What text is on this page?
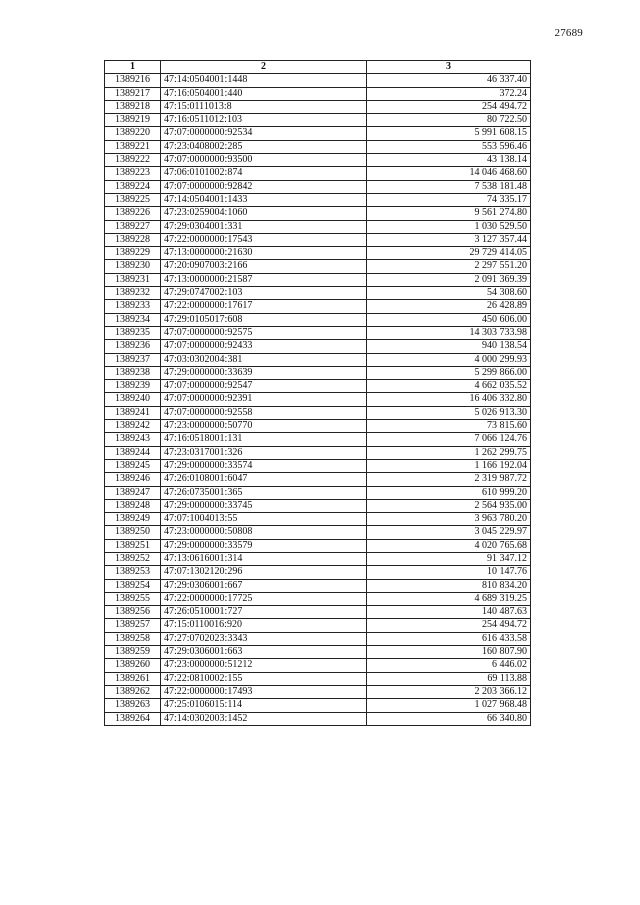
27689
1	2	3
1389216	47:14:0504001:1448	46 337.40
1389217	47:16:0504001:440	372.24
1389218	47:15:0111013:8	254 494.72
1389219	47:16:0511012:103	80 722.50
1389220	47:07:0000000:92534	5 991 608.15
1389221	47:23:0408002:285	553 596.46
1389222	47:07:0000000:93500	43 138.14
1389223	47:06:0101002:874	14 046 468.60
1389224	47:07:0000000:92842	7 538 181.48
1389225	47:14:0504001:1433	74 335.17
1389226	47:23:0259004:1060	9 561 274.80
1389227	47:29:0304001:331	1 030 529.50
1389228	47:22:0000000:17543	3 127 357.44
1389229	47:13:0000000:21630	29 729 414.05
1389230	47:20:0907003:2166	2 297 551.20
1389231	47:13:0000000:21587	2 091 369.39
1389232	47:29:0747002:103	54 308.60
1389233	47:22:0000000:17617	26 428.89
1389234	47:29:0105017:608	450 606.00
1389235	47:07:0000000:92575	14 303 733.98
1389236	47:07:0000000:92433	940 138.54
1389237	47:03:0302004:381	4 000 299.93
1389238	47:29:0000000:33639	5 299 866.00
1389239	47:07:0000000:92547	4 662 035.52
1389240	47:07:0000000:92391	16 406 332.80
1389241	47:07:0000000:92558	5 026 913.30
1389242	47:23:0000000:50770	73 815.60
1389243	47:16:0518001:131	7 066 124.76
1389244	47:23:0317001:326	1 262 299.75
1389245	47:29:0000000:33574	1 166 192.04
1389246	47:26:0108001:6047	2 319 987.72
1389247	47:26:0735001:365	610 999.20
1389248	47:29:0000000:33745	2 564 935.00
1389249	47:07:1004013:55	3 963 780.20
1389250	47:23:0000000:50808	3 045 229.97
1389251	47:29:0000000:33579	4 020 765.68
1389252	47:13:0616001:314	91 347.12
1389253	47:07:1302120:296	10 147.76
1389254	47:29:0306001:667	810 834.20
1389255	47:22:0000000:17725	4 689 319.25
1389256	47:26:0510001:727	140 487.63
1389257	47:15:0110016:920	254 494.72
1389258	47:27:0702023:3343	616 433.58
1389259	47:29:0306001:663	160 807.90
1389260	47:23:0000000:51212	6 446.02
1389261	47:22:0810002:155	69 113.88
1389262	47:22:0000000:17493	2 203 366.12
1389263	47:25:0106015:114	1 027 968.48
1389264	47:14:0302003:1452	66 340.80
